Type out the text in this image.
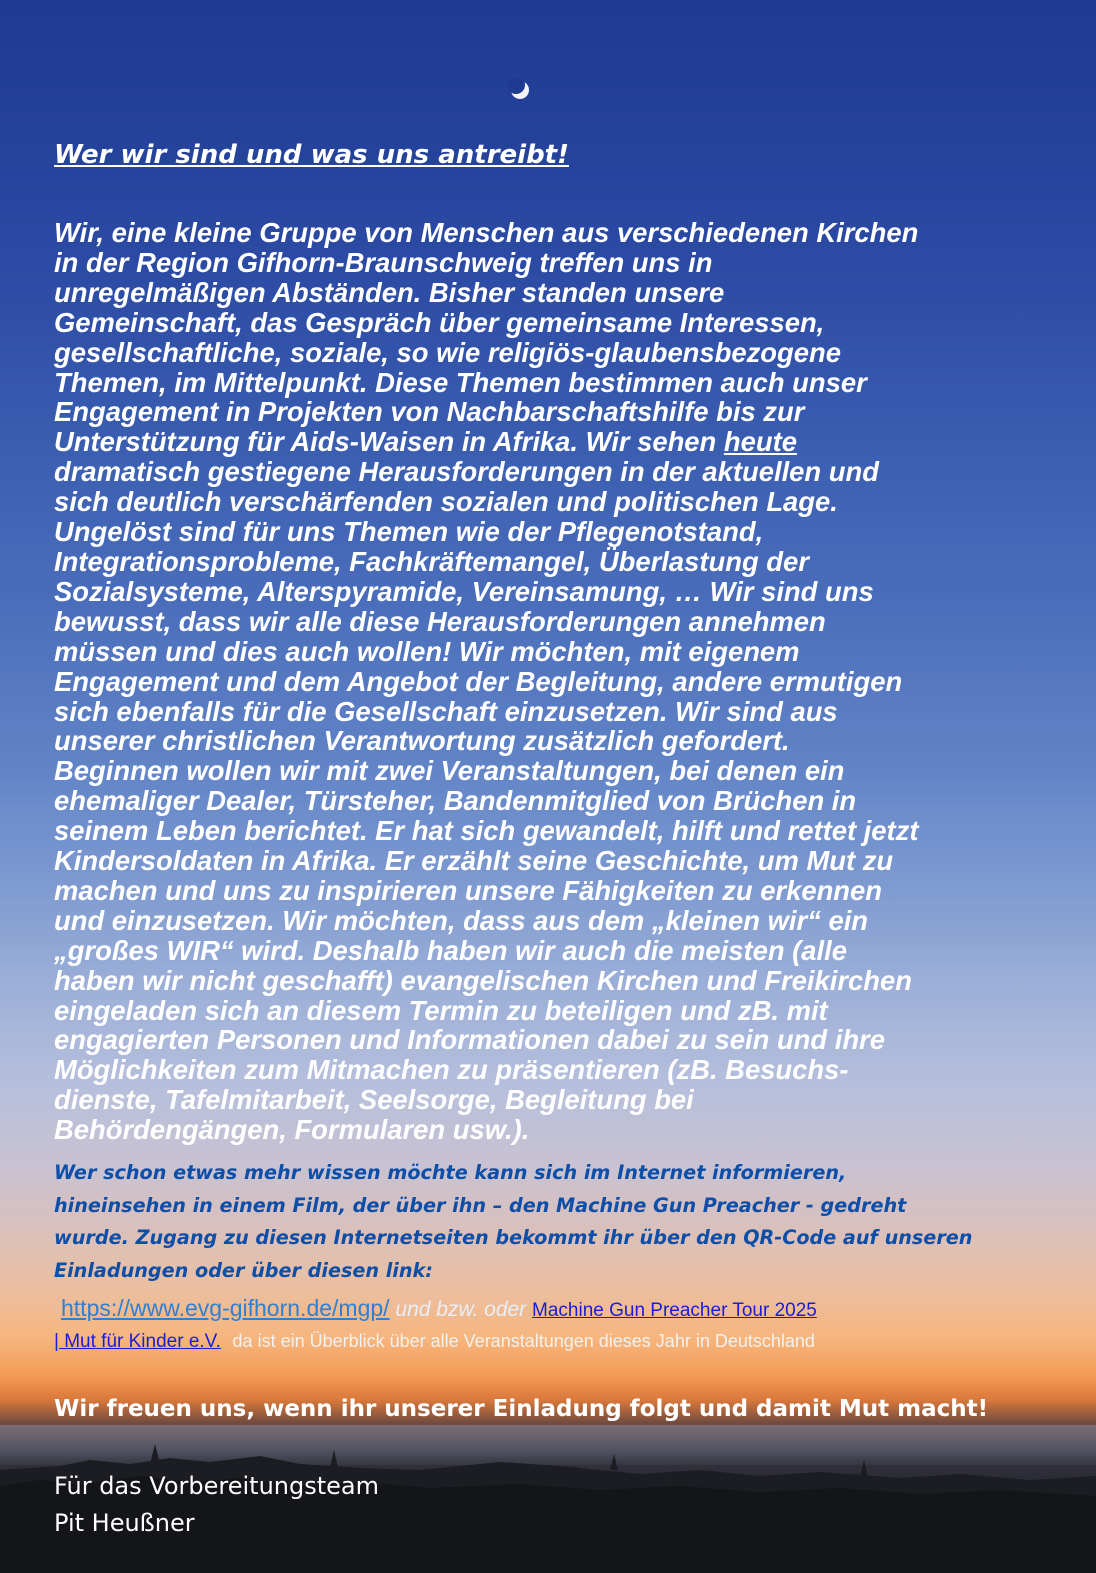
Wer wir sind und was uns antreibt!
Wir, eine kleine Gruppe von Menschen aus verschiedenen Kirchen
in der Region Gifhorn-Braunschweig treffen uns in
unregelmäßigen Abständen. Bisher standen unsere
Gemeinschaft, das Gespräch über gemeinsame Interessen,
gesellschaftliche, soziale, so wie religiös-glaubensbezogene
Themen, im Mittelpunkt. Diese Themen bestimmen auch unser
Engagement in Projekten von Nachbarschaftshilfe bis zur
Unterstützung für Aids-Waisen in Afrika. Wir sehen heute
dramatisch gestiegene Herausforderungen in der aktuellen und
sich deutlich verschärfenden sozialen und politischen Lage.
Ungelöst sind für uns Themen wie der Pflegenotstand,
Integrationsprobleme, Fachkräftemangel, Überlastung der
Sozialsysteme, Alterspyramide, Vereinsamung, … Wir sind uns
bewusst, dass wir alle diese Herausforderungen annehmen
müssen und dies auch wollen! Wir möchten, mit eigenem
Engagement und dem Angebot der Begleitung, andere ermutigen
sich ebenfalls für die Gesellschaft einzusetzen. Wir sind aus
unserer christlichen Verantwortung zusätzlich gefordert.
Beginnen wollen wir mit zwei Veranstaltungen, bei denen ein
ehemaliger Dealer, Türsteher, Bandenmitglied von Brüchen in
seinem Leben berichtet. Er hat sich gewandelt, hilft und rettet jetzt
Kindersoldaten in Afrika. Er erzählt seine Geschichte, um Mut zu
machen und uns zu inspirieren unsere Fähigkeiten zu erkennen
und einzusetzen. Wir möchten, dass aus dem „kleinen wir“ ein
„großes WIR“ wird. Deshalb haben wir auch die meisten (alle
haben wir nicht geschafft) evangelischen Kirchen und Freikirchen
eingeladen sich an diesem Termin zu beteiligen und zB. mit
engagierten Personen und Informationen dabei zu sein und ihre
Möglichkeiten zum Mitmachen zu präsentieren (zB. Besuchs-
dienste, Tafelmitarbeit, Seelsorge, Begleitung bei
Behördengängen, Formularen usw.).
Wer schon etwas mehr wissen möchte kann sich im Internet informieren,
hineinsehen in einem Film, der über ihn – den Machine Gun Preacher - gedreht
wurde. Zugang zu diesen Internetseiten bekommt ihr über den QR-Code auf unseren
Einladungen oder über diesen link:
https://www.evg-gifhorn.de/mgp/ und bzw. oder Machine Gun Preacher Tour 2025
| Mut für Kinder e.V. da ist ein Überblick über alle Veranstaltungen dieses Jahr in Deutschland

Wir freuen uns, wenn ihr unserer Einladung folgt und damit Mut macht!

Für das Vorbereitungsteam
Pit Heußner
